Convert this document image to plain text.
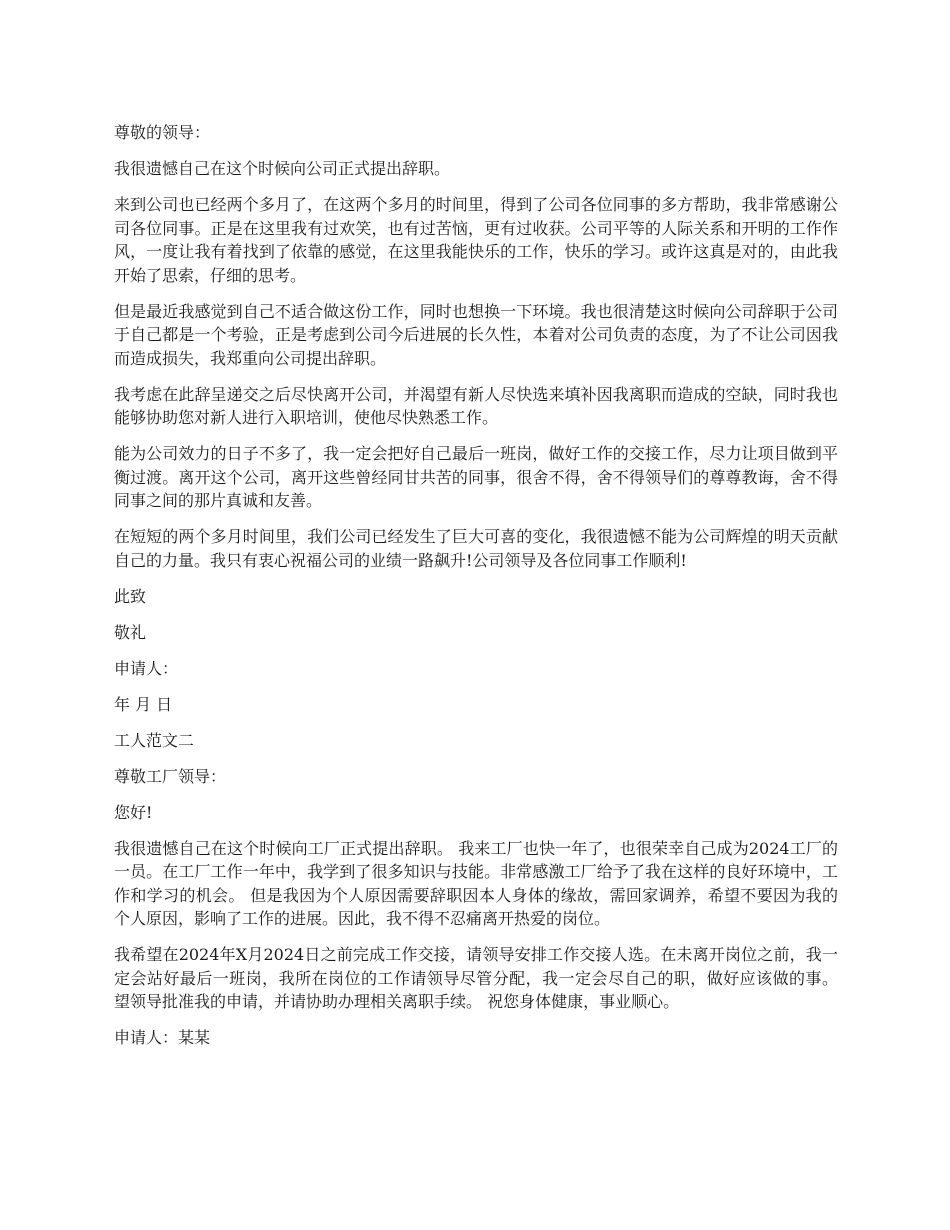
尊敬的领导：

我很遗憾自己在这个时候向公司正式提出辞职。

来到公司也已经两个多月了，在这两个多月的时间里，得到了公司各位同事的多方帮助，我非常感谢公司各位同事。正是在这里我有过欢笑，也有过苦恼，更有过收获。公司平等的人际关系和开明的工作作风，一度让我有着找到了依靠的感觉，在这里我能快乐的工作，快乐的学习。或许这真是对的，由此我开始了思索，仔细的思考。

但是最近我感觉到自己不适合做这份工作，同时也想换一下环境。我也很清楚这时候向公司辞职于公司于自己都是一个考验，正是考虑到公司今后进展的长久性，本着对公司负责的态度，为了不让公司因我而造成损失，我郑重向公司提出辞职。

我考虑在此辞呈递交之后尽快离开公司，并渴望有新人尽快选来填补因我离职而造成的空缺，同时我也能够协助您对新人进行入职培训，使他尽快熟悉工作。

能为公司效力的日子不多了，我一定会把好自己最后一班岗，做好工作的交接工作，尽力让项目做到平衡过渡。离开这个公司，离开这些曾经同甘共苦的同事，很舍不得，舍不得领导们的尊尊教诲，舍不得同事之间的那片真诚和友善。

在短短的两个多月时间里，我们公司已经发生了巨大可喜的变化，我很遗憾不能为公司辉煌的明天贡献自己的力量。我只有衷心祝福公司的业绩一路飙升!公司领导及各位同事工作顺利!

此致

敬礼

申请人：

年 月 日

工人范文二

尊敬工厂领导：

您好!

我很遗憾自己在这个时候向工厂正式提出辞职。 我来工厂也快一年了，也很荣幸自己成为2024工厂的一员。在工厂工作一年中，我学到了很多知识与技能。非常感激工厂给予了我在这样的良好环境中，工作和学习的机会。 但是我因为个人原因需要辞职因本人身体的缘故，需回家调养，希望不要因为我的个人原因，影响了工作的进展。因此，我不得不忍痛离开热爱的岗位。

我希望在2024年X月2024日之前完成工作交接，请领导安排工作交接人选。在未离开岗位之前，我一定会站好最后一班岗，我所在岗位的工作请领导尽管分配，我一定会尽自己的职，做好应该做的事。 望领导批准我的申请，并请协助办理相关离职手续。 祝您身体健康，事业顺心。

申请人：某某
